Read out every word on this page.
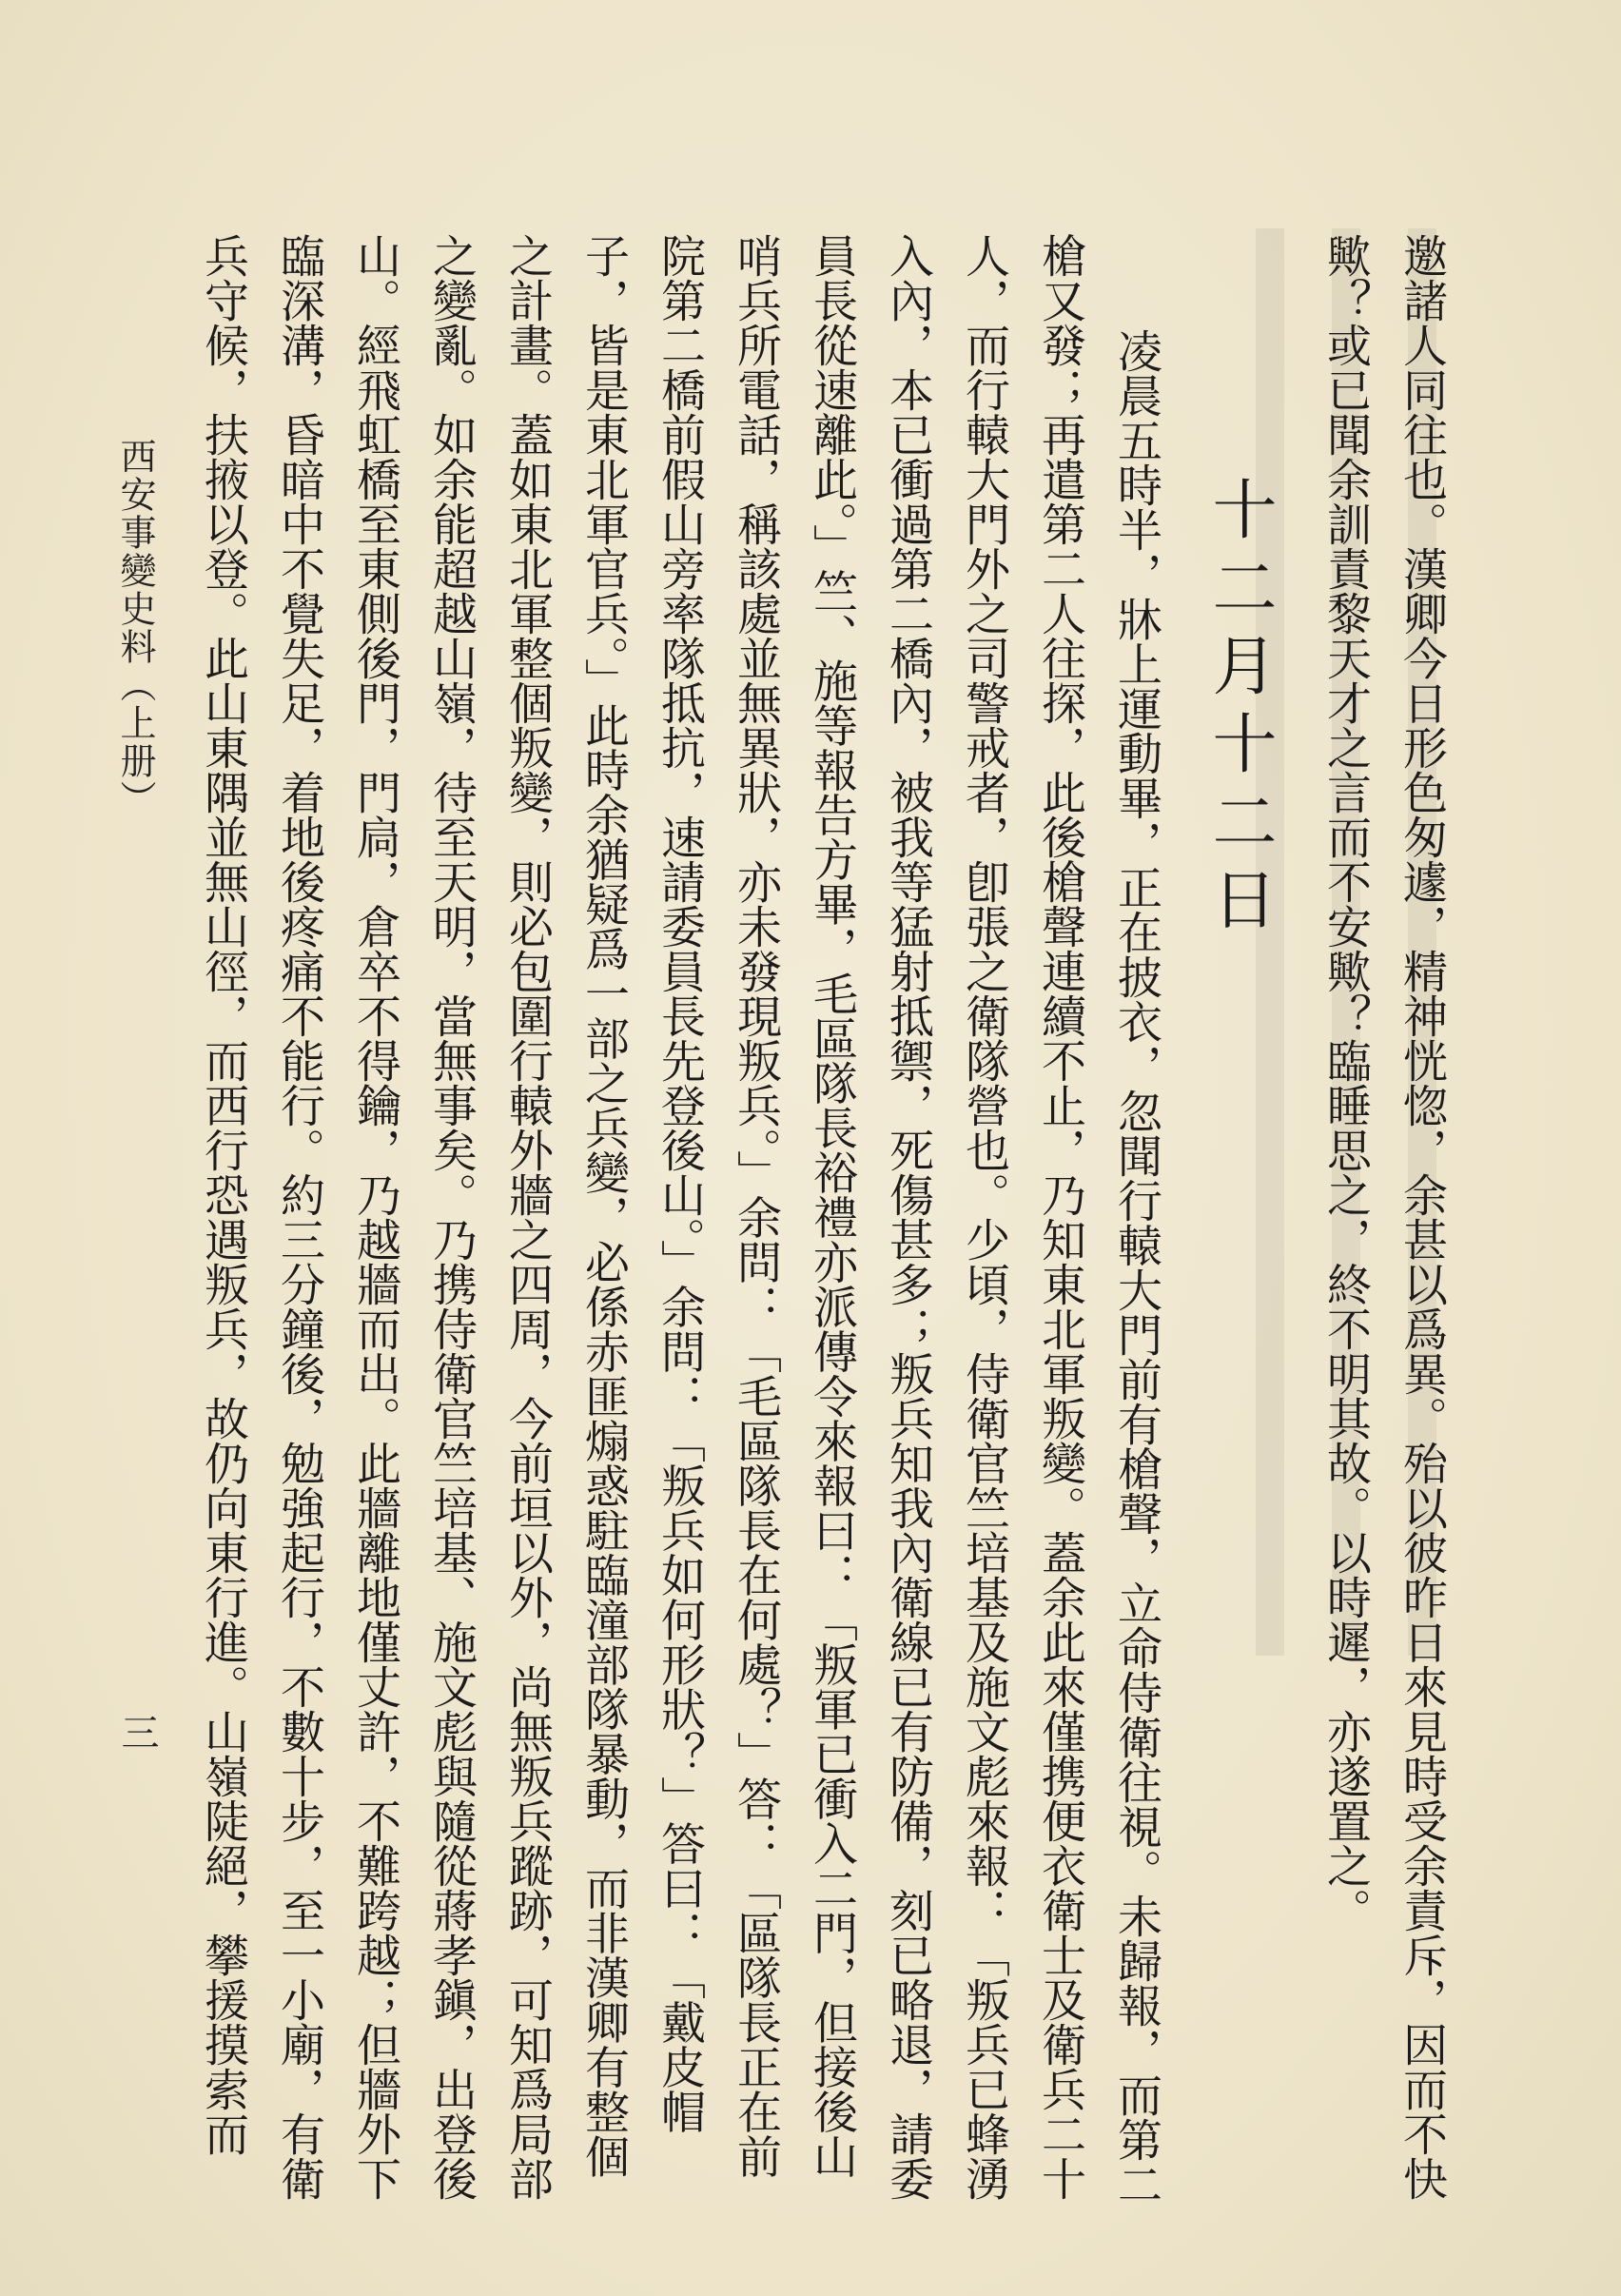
邀諸人同往也。漢卿今日形色匆遽，精神恍惚，余甚以爲異。殆以彼昨日來見時受余責斥，因而不快
歟？或已聞余訓責黎天才之言而不安歟？臨睡思之，終不明其故。以時遲，亦遂置之。
十二月十二日
凌晨五時半，牀上運動畢，正在披衣，忽聞行轅大門前有槍聲，立命侍衛往視。未歸報，而第二
槍又發；再遣第二人往探，此後槍聲連續不止，乃知東北軍叛變。蓋余此來僅携便衣衛士及衛兵二十
人，而行轅大門外之司警戒者，卽張之衛隊營也。少頃，侍衛官竺培基及施文彪來報：「叛兵已蜂湧
入內，本已衝過第二橋內，被我等猛射抵禦，死傷甚多；叛兵知我內衛線已有防備，刻已略退，請委
員長從速離此。」竺、施等報告方畢，毛區隊長裕禮亦派傳令來報曰：「叛軍已衝入二門，但接後山
哨兵所電話，稱該處並無異狀，亦未發現叛兵。」余問：「毛區隊長在何處？」答：「區隊長正在前
院第二橋前假山旁率隊抵抗，速請委員長先登後山。」余問：「叛兵如何形狀？」答曰：「戴皮帽
子，皆是東北軍官兵。」此時余猶疑爲一部之兵變，必係赤匪煽惑駐臨潼部隊暴動，而非漢卿有整個
之計畫。蓋如東北軍整個叛變，則必包圍行轅外牆之四周，今前垣以外，尚無叛兵蹤跡，可知爲局部
之變亂。如余能超越山嶺，待至天明，當無事矣。乃携侍衛官竺培基、施文彪與隨從蔣孝鎭，出登後
山。經飛虹橋至東側後門，門扃，倉卒不得鑰，乃越牆而出。此牆離地僅丈許，不難跨越；但牆外下
臨深溝，昏暗中不覺失足，着地後疼痛不能行。約三分鐘後，勉強起行，不數十步，至一小廟，有衛
西安事變史料（上册）
三 兵守候，扶掖以登。此山東隅並無山徑，而西行恐遇叛兵，故仍向東行進。山嶺陡絕，攀援摸索而
